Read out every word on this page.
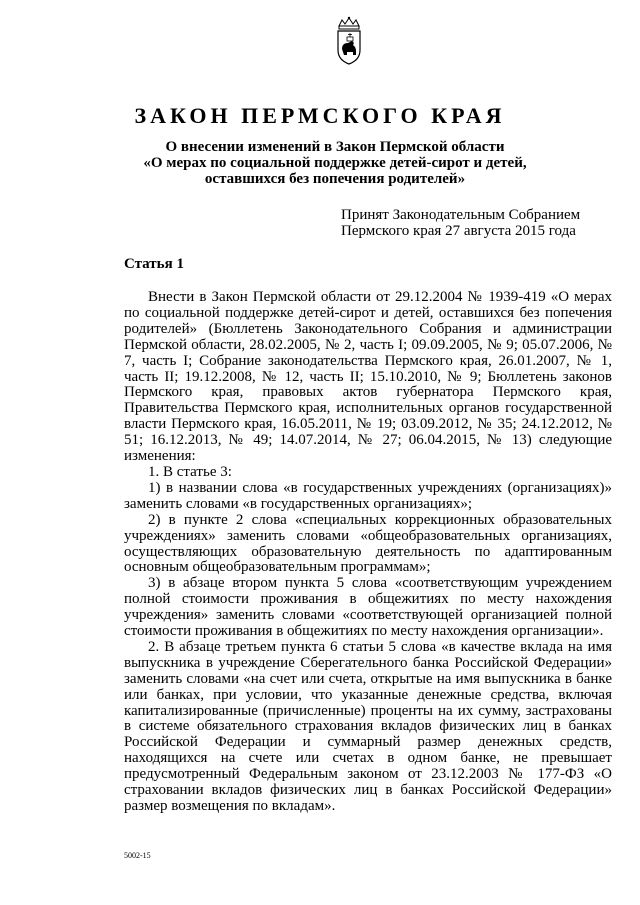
ЗАКОН ПЕРМСКОГО КРАЯ
О внесении изменений в Закон Пермской области
«О мерах по социальной поддержке детей-сирот и детей,
оставшихся без попечения родителей»
Принят Законодательным Собранием
Пермского края 27 августа 2015 года
Статья 1

Внести в Закон Пермской области от 29.12.2004 № 1939-419 «О мерах по социальной поддержке детей-сирот и детей, оставшихся без попечения родителей» (Бюллетень Законодательного Собрания и администрации Пермской области, 28.02.2005, № 2, часть I; 09.09.2005, № 9; 05.07.2006, № 7, часть I; Собрание законодательства Пермского края, 26.01.2007, № 1, часть II; 19.12.2008, № 12, часть II; 15.10.2010, № 9; Бюллетень законов Пермского края, правовых актов губернатора Пермского края, Правительства Пермского края, исполнительных органов государственной власти Пермского края, 16.05.2011, № 19; 03.09.2012, № 35; 24.12.2012, № 51; 16.12.2013, № 49; 14.07.2014, № 27; 06.04.2015, № 13) следующие изменения:

1. В статье 3:

1) в названии слова «в государственных учреждениях (организациях)» заменить словами «в государственных организациях»;

2) в пункте 2 слова «специальных коррекционных образовательных учреждениях» заменить словами «общеобразовательных организациях, осуществляющих образовательную деятельность по адаптированным основным общеобразовательным программам»;

3) в абзаце втором пункта 5 слова «соответствующим учреждением полной стоимости проживания в общежитиях по месту нахождения учреждения» заменить словами «соответствующей организацией полной стоимости проживания в общежитиях по месту нахождения организации».

2. В абзаце третьем пункта 6 статьи 5 слова «в качестве вклада на имя выпускника в учреждение Сберегательного банка Российской Федерации» заменить словами «на счет или счета, открытые на имя выпускника в банке или банках, при условии, что указанные денежные средства, включая капитализированные (причисленные) проценты на их сумму, застрахованы в системе обязательного страхования вкладов физических лиц в банках Российской Федерации и суммарный размер денежных средств, находящихся на счете или счетах в одном банке, не превышает предусмотренный Федеральным законом от 23.12.2003 № 177-ФЗ «О страховании вкладов физических лиц в банках Российской Федерации» размер возмещения по вкладам».

5002-15
